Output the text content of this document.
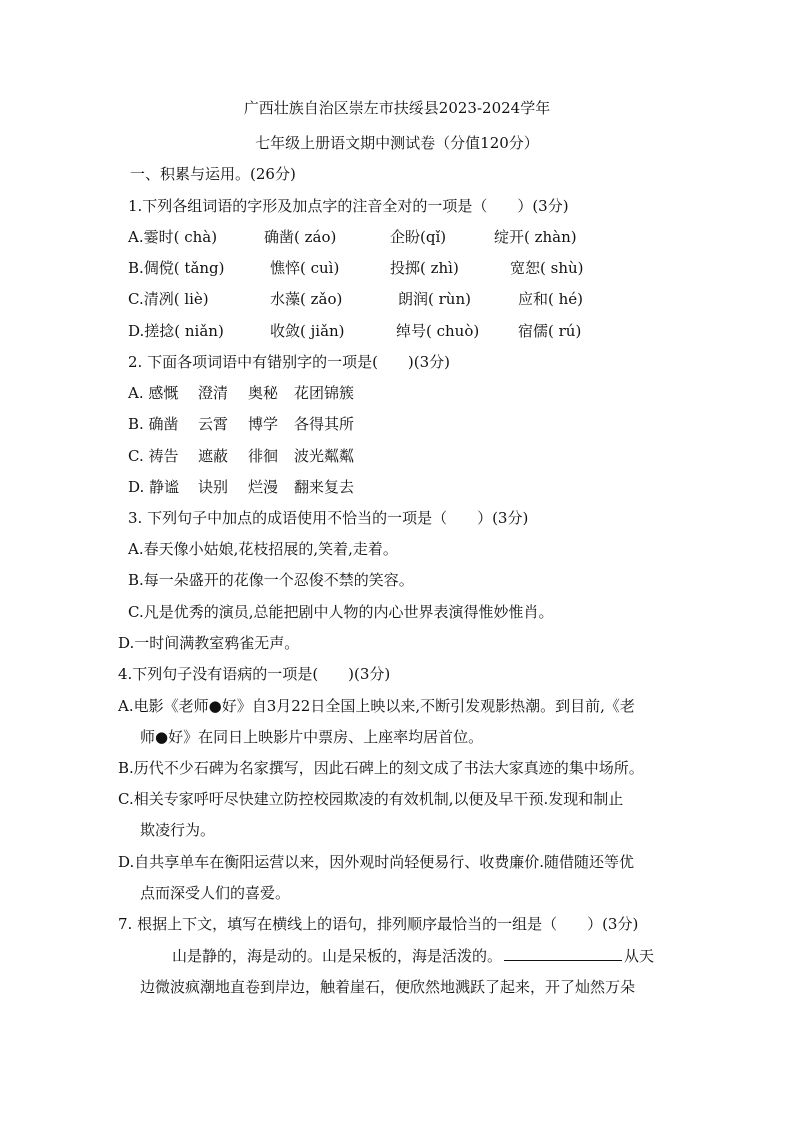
广西壮族自治区崇左市扶绥县2023-2024学年
七年级上册语文期中测试卷（分值120分）
一、积累与运用。(26分)
1.下列各组词语的字形及加点字的注音全对的一项是（　　）(3分)
A.霎时( chà)	确凿( záo)	企盼(qǐ)	绽开( zhàn)
B.倜傥( tǎng)	憔悴( cuì)	投掷( zhì)	宽恕( shù)
C.清冽( liè)	水藻( zǎo)	朗润( rùn)	应和( hé)
D.搓捻( niǎn)	收敛( jiǎn)	绰号( chuò)	宿儒( rú)
2. 下面各项词语中有错别字的一项是(　　)(3分)
A. 感慨 澄清 奥秘 花团锦簇
B. 确凿 云霄 博学 各得其所
C. 祷告 遮蔽 徘徊 波光粼粼
D. 静谧 诀别 烂漫 翻来复去
3. 下列句子中加点的成语使用不恰当的一项是（　　）(3分)
A.春天像小姑娘,花枝招展的,笑着,走着。
B.每一朵盛开的花像一个忍俊不禁的笑容。
C.凡是优秀的演员,总能把剧中人物的内心世界表演得惟妙惟肖。
D.一时间满教室鸦雀无声。
4.下列句子没有语病的一项是(　　)(3分)
A.电影《老师●好》自3月22日全国上映以来,不断引发观影热潮。到目前,《老
师●好》在同日上映影片中票房、上座率均居首位。
B.历代不少石碑为名家撰写，因此石碑上的刻文成了书法大家真迹的集中场所。
C.相关专家呼吁尽快建立防控校园欺凌的有效机制,以便及早干预.发现和制止
欺凌行为。
D.自共享单车在衡阳运营以来，因外观时尚轻便易行、收费廉价.随借随还等优
点而深受人们的喜爱。
7. 根据上下文，填写在横线上的语句，排列顺序最恰当的一组是（　　）(3分)
山是静的，海是动的。山是呆板的，海是活泼的。	从天
边微波疯潮地直卷到岸边，触着崖石，便欣然地溅跃了起来，开了灿然万朵
